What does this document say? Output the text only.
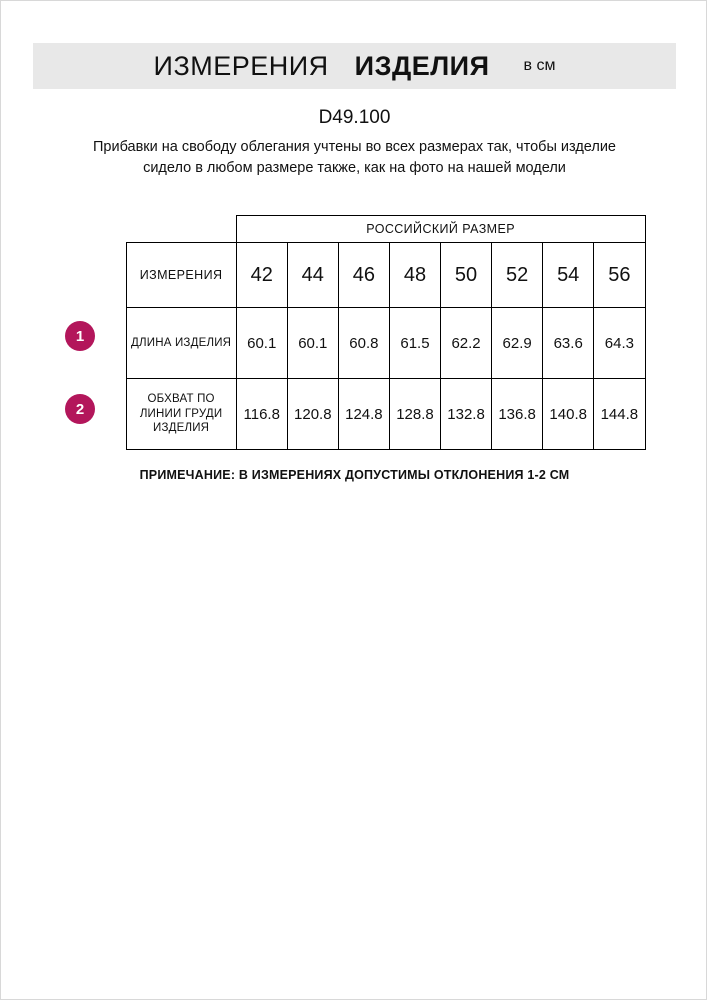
ИЗМЕРЕНИЯ ИЗДЕЛИЯ	в см
D49.100
Прибавки на свободу облегания учтены во всех размерах так, чтобы изделие сидело в любом размере также, как на фото на нашей модели
1
2
	РОССИЙСКИЙ РАЗМЕР							
ИЗМЕРЕНИЯ	42	44	46	48	50	52	54	56
ДЛИНА ИЗДЕЛИЯ	60.1	60.1	60.8	61.5	62.2	62.9	63.6	64.3
ОБХВАТ ПО ЛИНИИ ГРУДИ ИЗДЕЛИЯ	116.8	120.8	124.8	128.8	132.8	136.8	140.8	144.8
ПРИМЕЧАНИЕ: В ИЗМЕРЕНИЯХ ДОПУСТИМЫ ОТКЛОНЕНИЯ 1-2 СМ
